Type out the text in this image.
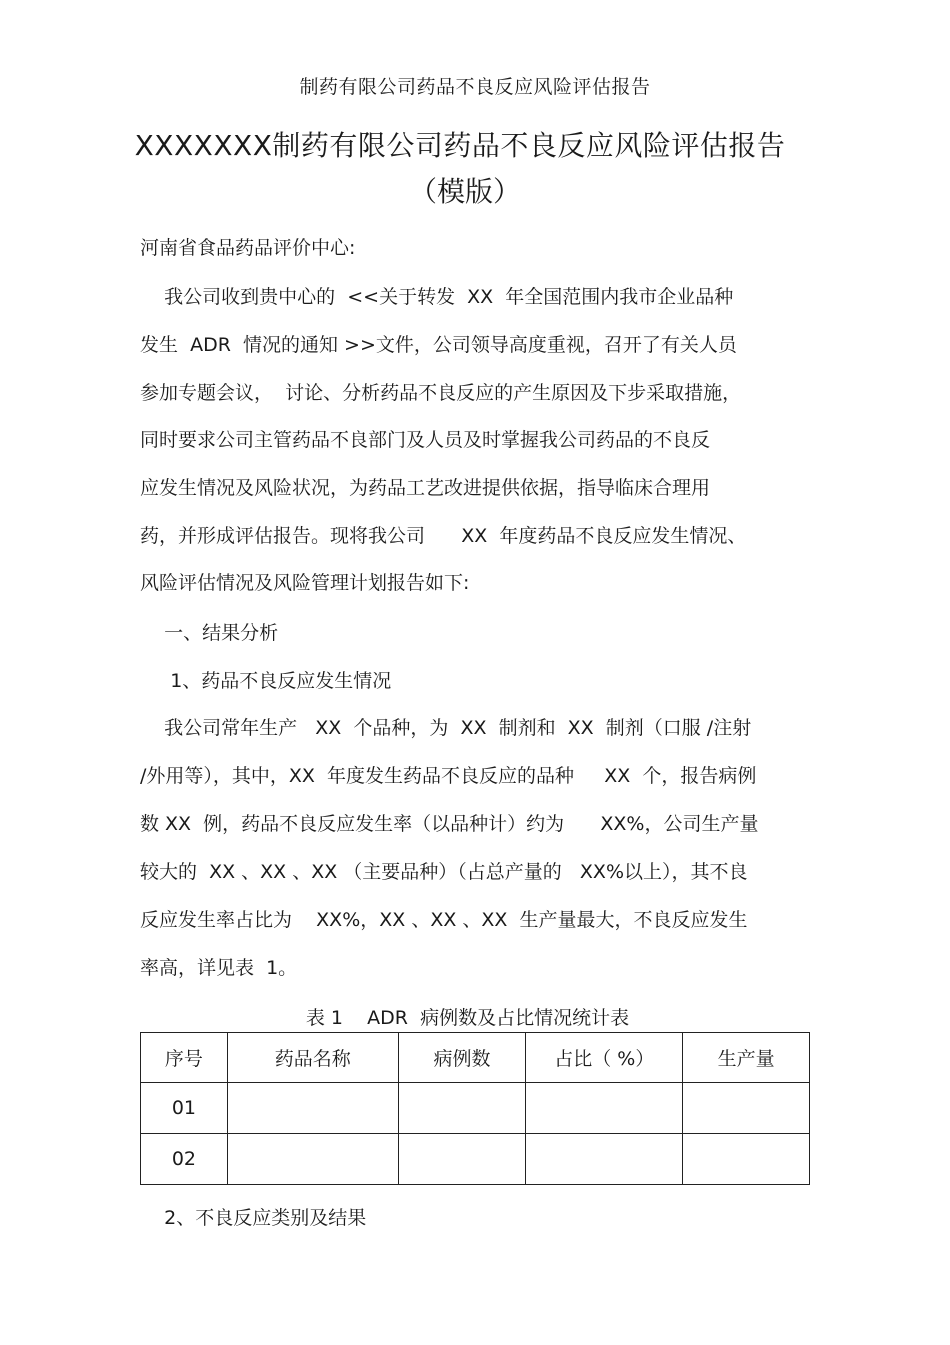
制药有限公司药品不良反应风险评估报告
XXXXXXX制药有限公司药品不良反应风险评估报告
（模版）
河南省食品药品评价中心:
我公司收到贵中心的  <<关于转发  XX  年全国范围内我市企业品种
发生  ADR  情况的通知 >>文件，公司领导高度重视，召开了有关人员
参加专题会议，  讨论、分析药品不良反应的产生原因及下步采取措施，
同时要求公司主管药品不良部门及人员及时掌握我公司药品的不良反
应发生情况及风险状况，为药品工艺改进提供依据，指导临床合理用
药，并形成评估报告。现将我公司      XX  年度药品不良反应发生情况、
风险评估情况及风险管理计划报告如下:
一、结果分析
1、药品不良反应发生情况
我公司常年生产   XX  个品种，为  XX  制剂和  XX  制剂（口服 /注射
/外用等），其中，XX  年度发生药品不良反应的品种     XX  个，报告病例
数 XX  例，药品不良反应发生率（以品种计）约为      XX%，公司生产量
较大的  XX 、XX 、XX （主要品种）（占总产量的   XX%以上），其不良
反应发生率占比为    XX%，XX 、XX 、XX  生产量最大，不良反应发生
率高，详见表  1。
表 1    ADR  病例数及占比情况统计表
序号	药品名称	病例数	占比（ %）	生产量
01				
02				
2、不良反应类别及结果
